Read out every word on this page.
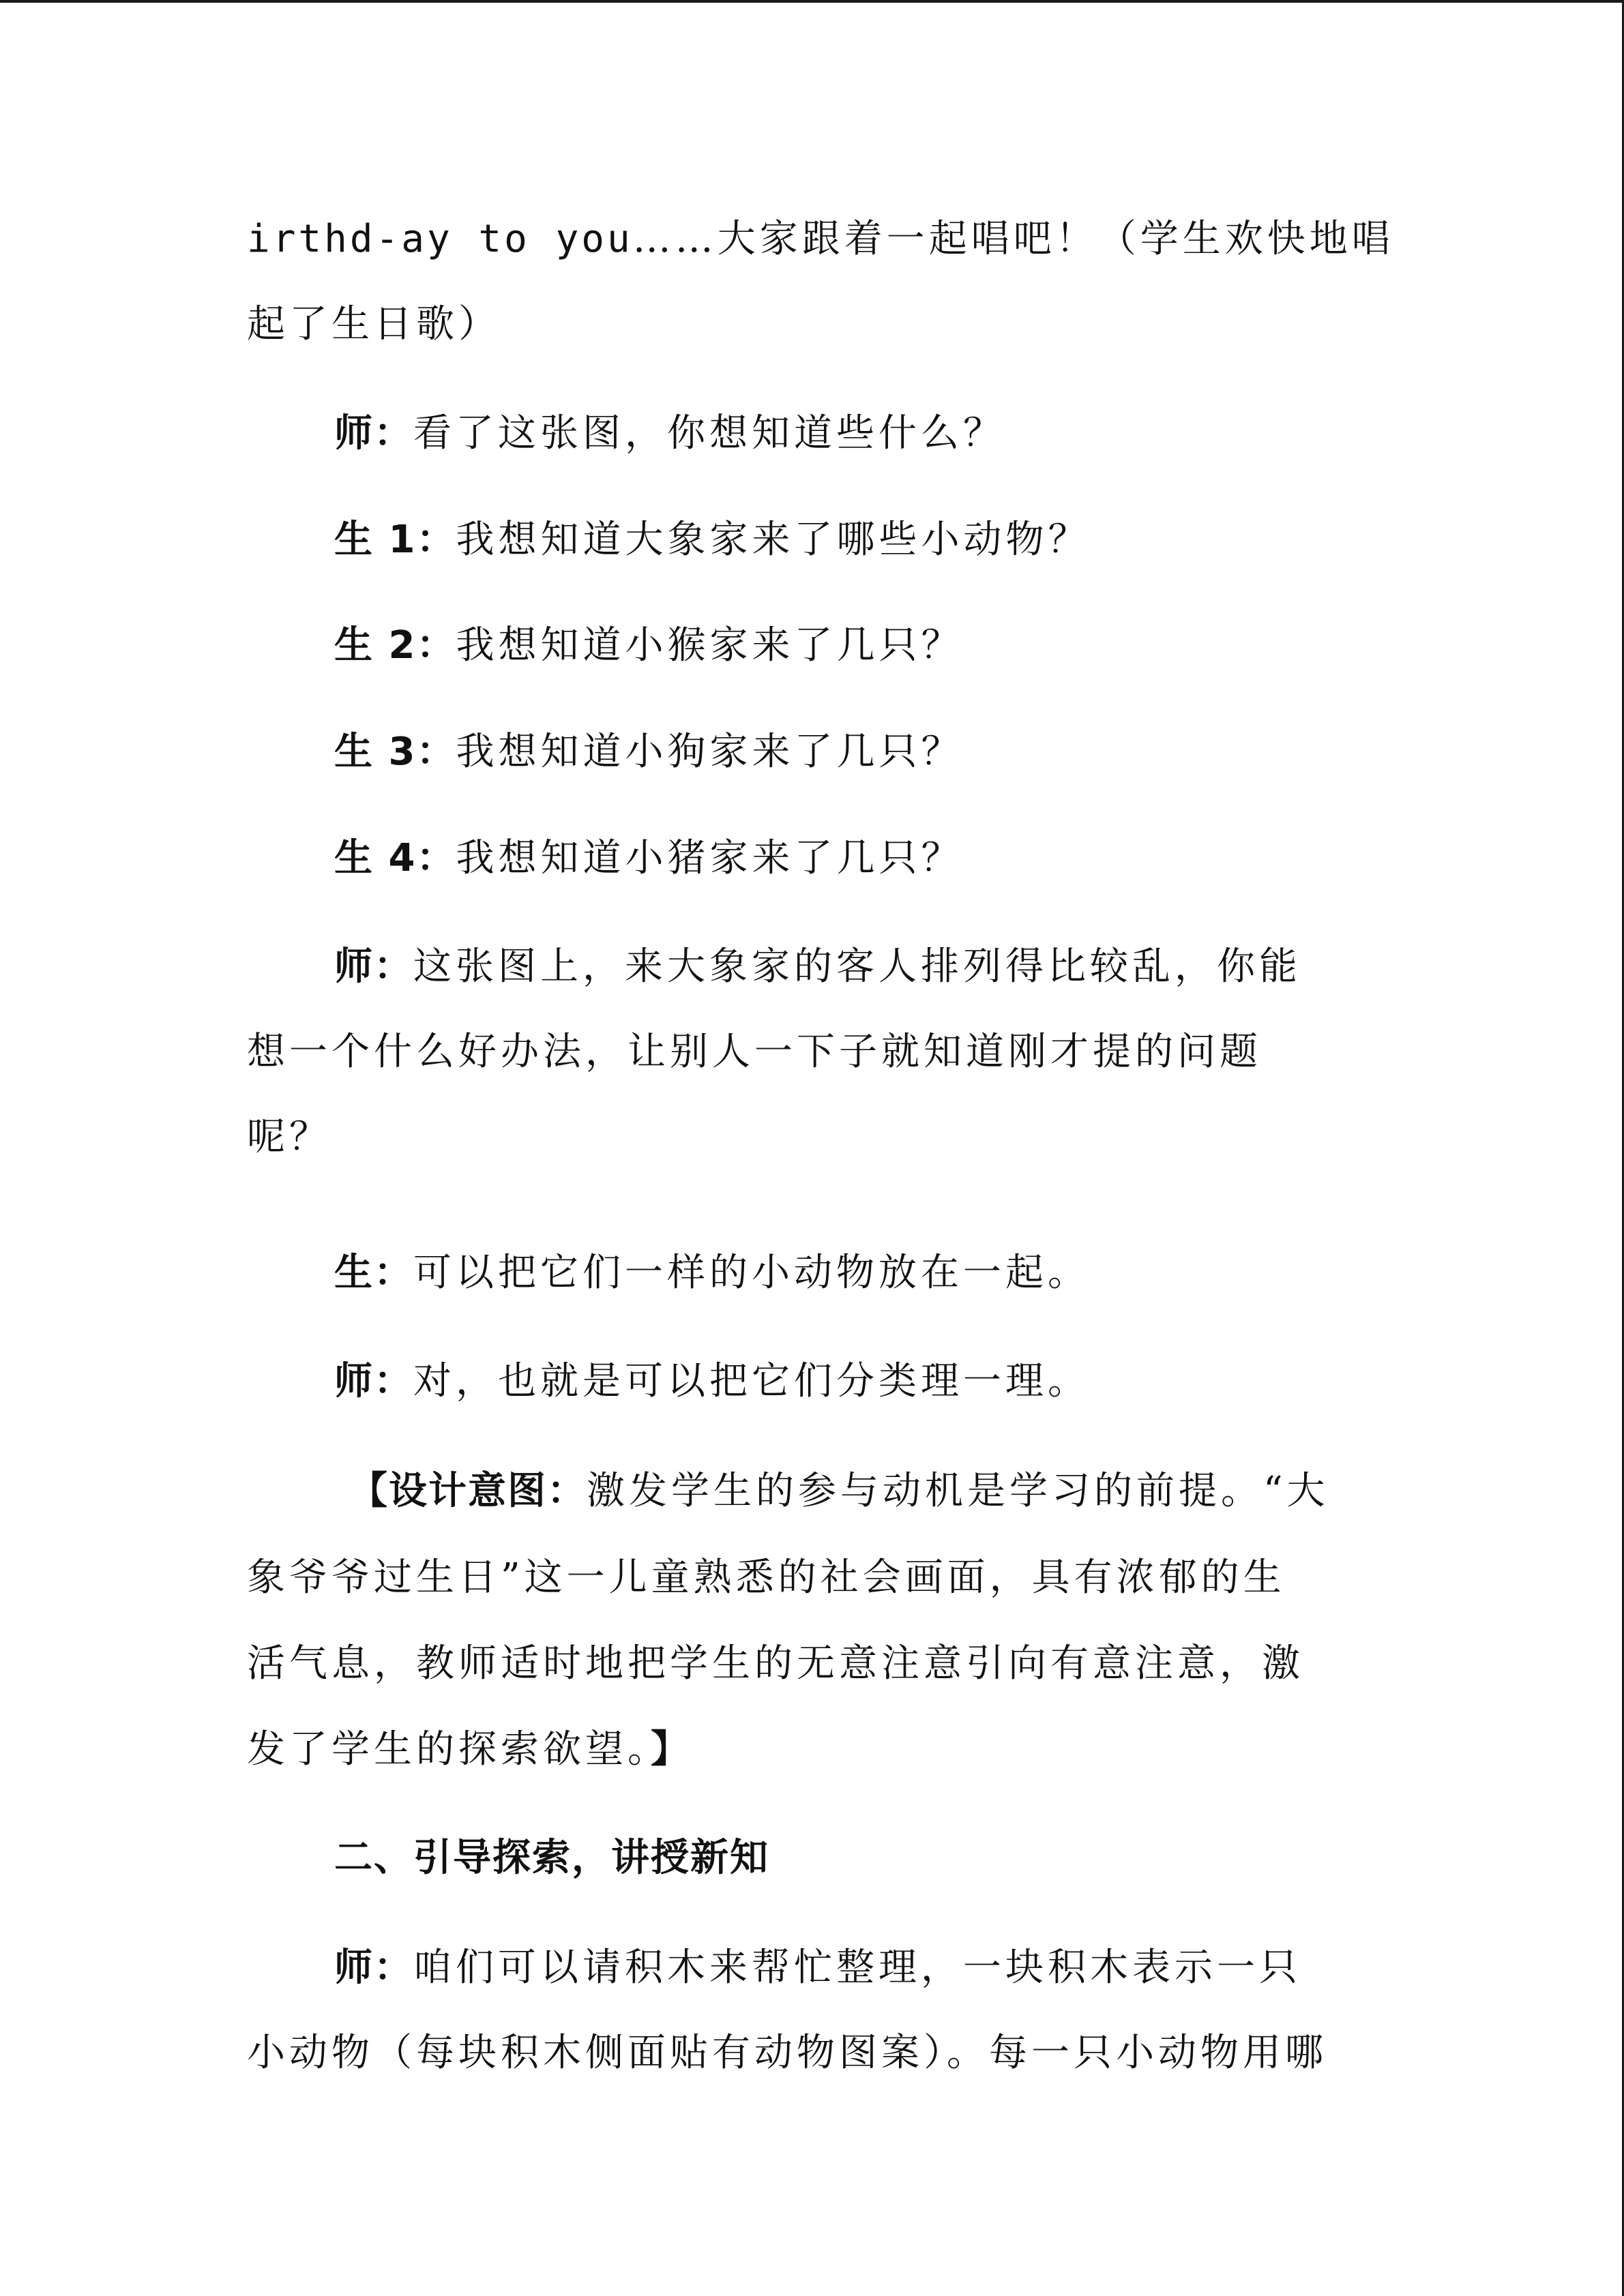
irthd-ay to you……大家跟着一起唱吧！（学生欢快地唱
起了生日歌）
师：看了这张图，你想知道些什么？
生 1：我想知道大象家来了哪些小动物？
生 2：我想知道小猴家来了几只？
生 3：我想知道小狗家来了几只？
生 4：我想知道小猪家来了几只？
师：这张图上，来大象家的客人排列得比较乱，你能
想一个什么好办法，让别人一下子就知道刚才提的问题
呢？
生：可以把它们一样的小动物放在一起。
师：对，也就是可以把它们分类理一理。
【设计意图：激发学生的参与动机是学习的前提。“大
象爷爷过生日”这一儿童熟悉的社会画面，具有浓郁的生
活气息，教师适时地把学生的无意注意引向有意注意，激
发了学生的探索欲望。】
二、引导探索，讲授新知
师：咱们可以请积木来帮忙整理，一块积木表示一只
小动物（每块积木侧面贴有动物图案）。每一只小动物用哪
